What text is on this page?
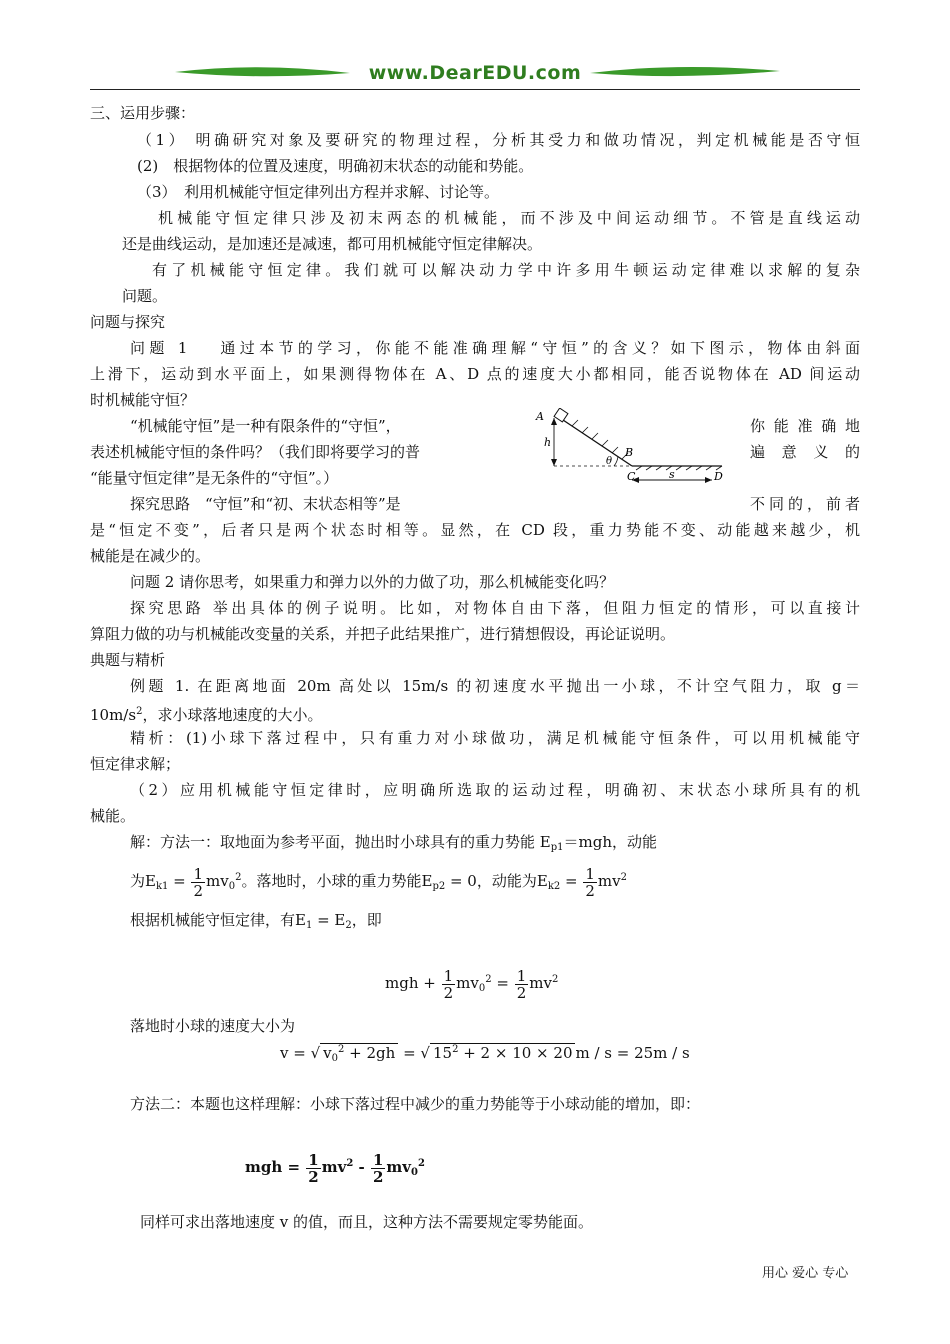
www.DearEDU.com
三、运用步骤：
（1） 明确研究对象及要研究的物理过程，分析其受力和做功情况，判定机械能是否守恒
(2)　根据物体的位置及速度，明确初末状态的动能和势能。
（3）　利用机械能守恒定律列出方程并求解、讨论等。
机械能守恒定律只涉及初末两态的机械能，而不涉及中间运动细节。不管是直线运动
还是曲线运动，是加速还是减速，都可用机械能守恒定律解决。
有了机械能守恒定律。我们就可以解决动力学中许多用牛顿运动定律难以求解的复杂
问题。
问题与探究
问题 1　 通过本节的学习，你能不能准确理解“守恒”的含义？如下图示，物体由斜面
上滑下，运动到水平面上，如果测得物体在 A、D 点的速度大小都相同，能否说物体在 AD 间运动
时机械能守恒？
“机械能守恒”是一种有限条件的“守恒”，	你能准确地
表述机械能守恒的条件吗？（我们即将要学习的普	遍意义的
“能量守恒定律”是无条件的“守恒”。）
探究思路　“守恒”和“初、末状态相等”是	不同的，前者
是“恒定不变”，后者只是两个状态时相等。显然，在 CD 段，重力势能不变、动能越来越少，机
械能是在减少的。
问题 2 请你思考，如果重力和弹力以外的力做了功，那么机械能变化吗？
探究思路 举出具体的例子说明。比如，对物体自由下落，但阻力恒定的情形，可以直接计
算阻力做的功与机械能改变量的关系，并把子此结果推广，进行猜想假设，再论证说明。
典题与精析
例题 1. 在距离地面 20m 高处以 15m/s 的初速度水平抛出一小球，不计空气阻力，取 g＝
$10m/s^2$，求小球落地速度的大小。
精析：(1)小球下落过程中，只有重力对小球做功，满足机械能守恒条件，可以用机械能守
恒定律求解；
（2）应用机械能守恒定律时，应明确所选取的运动过程，明确初、末状态小球所具有的机
械能。
解：方法一：取地面为参考平面，抛出时小球具有的重力势能 $E_{p1}=mgh$，动能
为$E_{k1} = \frac{1}{2} mv_0^2$。落地时，小球的重力势能$E_{p2} = 0$，动能为$E_{k2} = \frac{1}{2} mv^2$
根据机械能守恒定律，有$E_1 = E_2$，即
mgh + $\frac{1}{2} mv_0^2 = \frac{1}{2} mv^2$
落地时小球的速度大小为
v = √ $v_0^2 + 2gh$ = √ $15^2 + 2 \times 10 \times 20$ m / s = 25m / s
方法二：本题也这样理解：小球下落过程中减少的重力势能等于小球动能的增加，即：
mgh = $\frac{1}{2} mv^2 - \frac{1}{2} mv_0^2$
同样可求出落地速度 v 的值，而且，这种方法不需要规定零势能面。
A
h
θ
B
C	D
s
用心 爱心 专心
